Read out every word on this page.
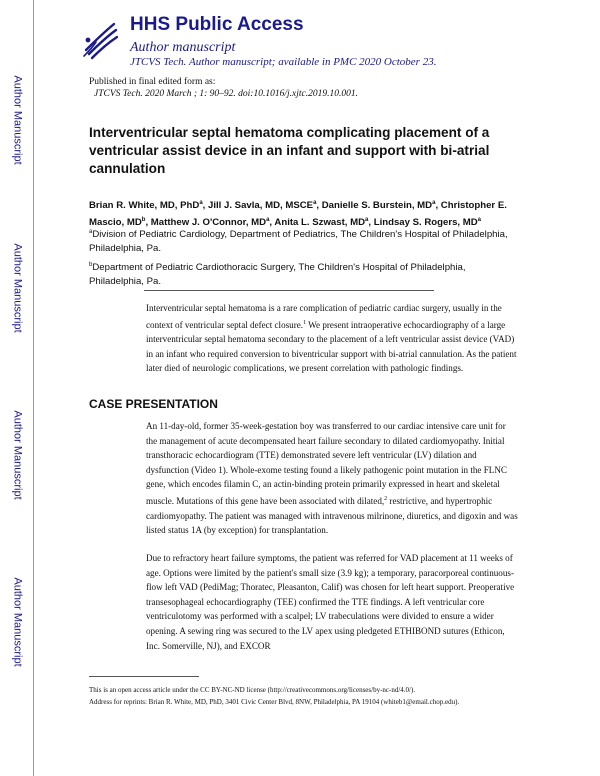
Author Manuscript
Author Manuscript
Author Manuscript
Author Manuscript
HHS Public Access
Author manuscript
JTCVS Tech. Author manuscript; available in PMC 2020 October 23.
Published in final edited form as:
JTCVS Tech. 2020 March ; 1: 90–92. doi:10.1016/j.xjtc.2019.10.001.
Interventricular septal hematoma complicating placement of a ventricular assist device in an infant and support with bi-atrial cannulation

Brian R. White, MD, PhD$^a$, Jill J. Savla, MD, MSCE$^a$, Danielle S. Burstein, $MD^a$, Christopher E. Mascio, $MD^b$, Matthew J. O'Connor, $MD^a$, Anita L. Szwast, $MD^a$, Lindsay S. Rogers, $MD^a$

$^a$Division of Pediatric Cardiology, Department of Pediatrics, The Children's Hospital of Philadelphia, Philadelphia, Pa.

$^b$Department of Pediatric Cardiothoracic Surgery, The Children's Hospital of Philadelphia, Philadelphia, Pa.

Interventricular septal hematoma is a rare complication of pediatric cardiac surgery, usually in the context of ventricular septal defect closure.$^1$ We present intraoperative echocardiography of a large interventricular septal hematoma secondary to the placement of a left ventricular assist device (VAD) in an infant who required conversion to biventricular support with bi-atrial cannulation. As the patient later died of neurologic complications, we present correlation with pathologic findings.

CASE PRESENTATION

An 11-day-old, former 35-week-gestation boy was transferred to our cardiac intensive care unit for the management of acute decompensated heart failure secondary to dilated cardiomyopathy. Initial transthoracic echocardiogram (TTE) demonstrated severe left ventricular (LV) dilation and dysfunction (Video 1). Whole-exome testing found a likely pathogenic point mutation in the FLNC gene, which encodes filamin C, an actin-binding protein primarily expressed in heart and skeletal muscle. Mutations of this gene have been associated with dilated,$^2$ restrictive, and hypertrophic cardiomyopathy. The patient was managed with intravenous milrinone, diuretics, and digoxin and was listed status 1A (by exception) for transplantation.

Due to refractory heart failure symptoms, the patient was referred for VAD placement at 11 weeks of age. Options were limited by the patient's small size (3.9 kg); a temporary, paracorporeal continuous-flow left VAD (PediMag; Thoratec, Pleasanton, Calif) was chosen for left heart support. Preoperative transesophageal echocardiography (TEE) confirmed the TTE findings. A left ventricular core ventriculotomy was performed with a scalpel; LV trabeculations were divided to ensure a wider opening. A sewing ring was secured to the LV apex using pledgeted ETHIBOND sutures (Ethicon, Inc. Somerville, NJ), and EXCOR

This is an open access article under the CC BY-NC-ND license (http://creativecommons.org/licenses/by-nc-nd/4.0/).

Address for reprints: Brian R. White, MD, PhD, 3401 Civic Center Blvd, 8NW, Philadelphia, PA 19104 (whiteb1@email.chop.edu).
